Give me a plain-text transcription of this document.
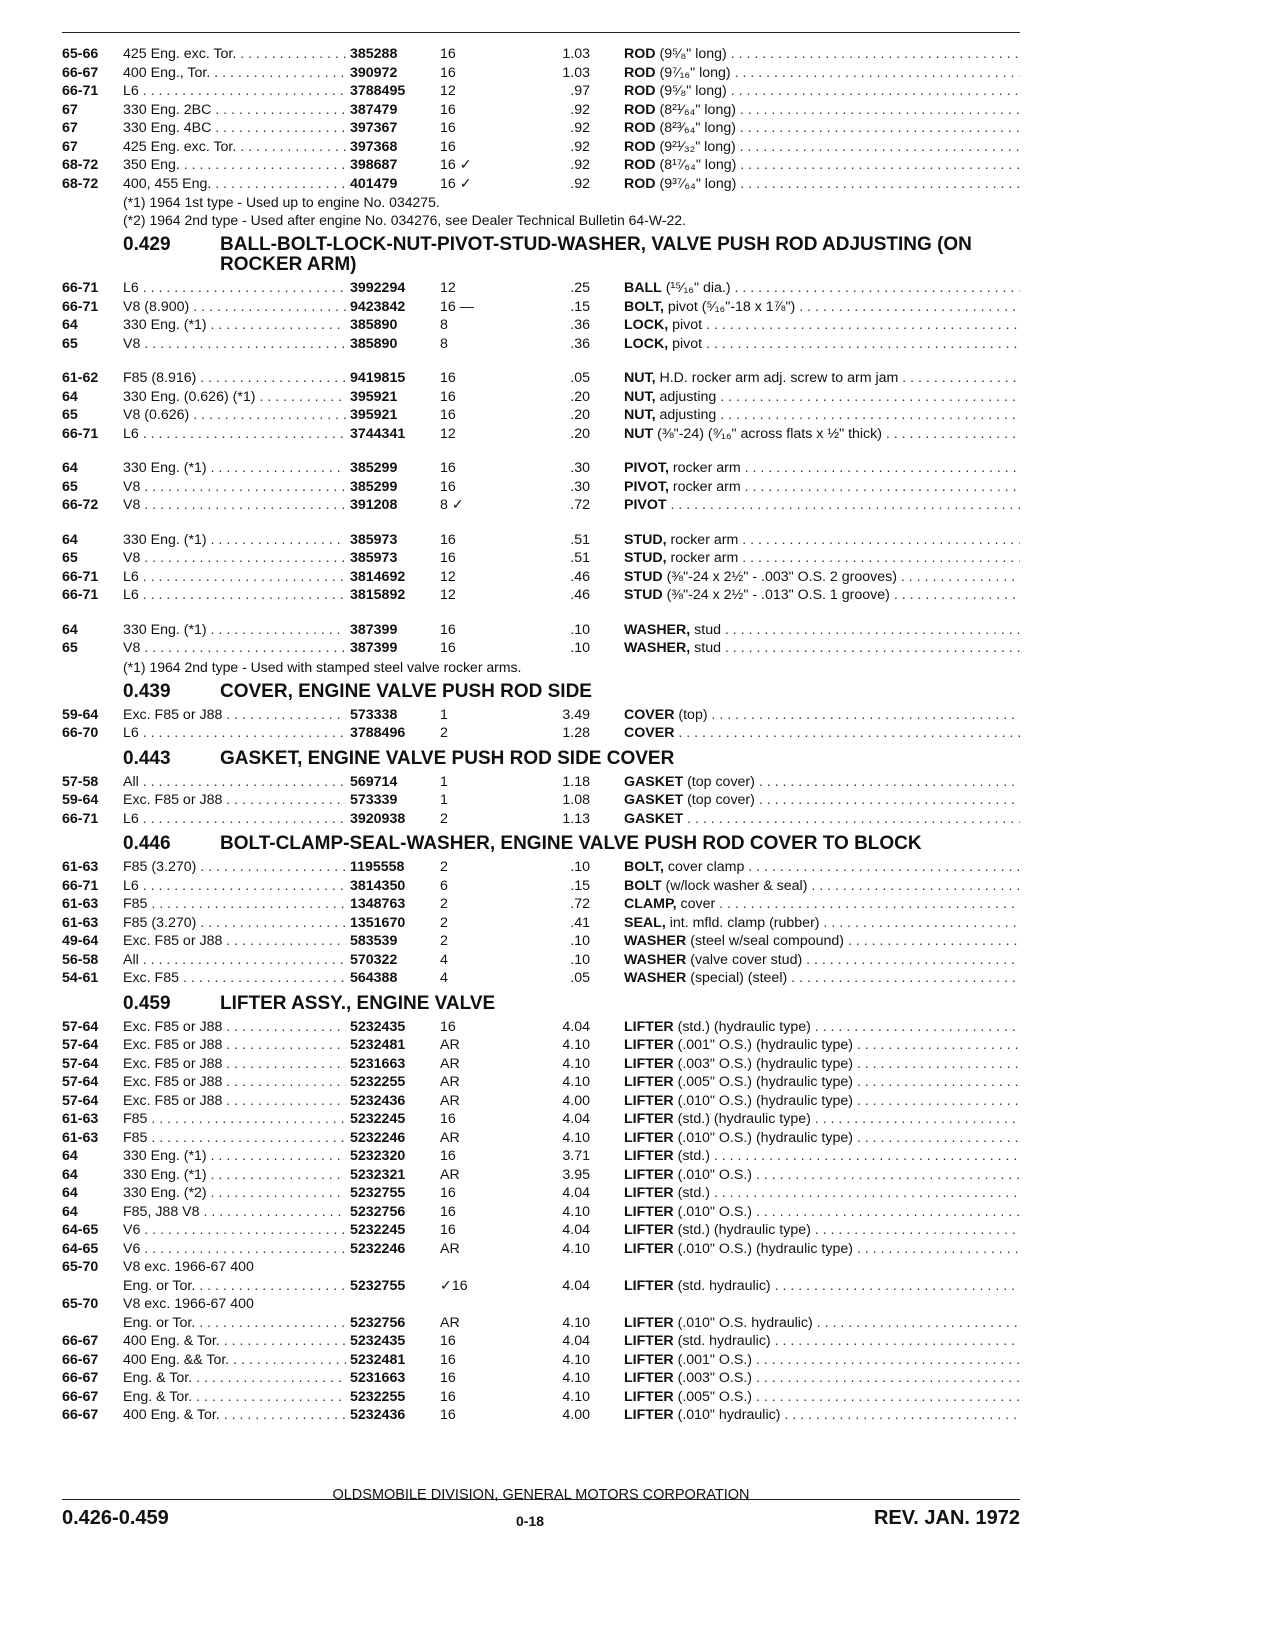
65-66	425 Eng. exc. Tor. . . .	385288	16	1.03 ROD (9⁵⁄₈" long) . . .
66-67	400 Eng., Tor. . . .	390972	16	1.03 ROD (9⁷⁄₁₆" long) . . .
66-71	L6 . . .	3788495	12	.97 ROD (9⁵⁄₈" long) . . .
67	330 Eng. 2BC . . .	387479	16	.92 ROD (8²¹⁄₆₄" long) . . .
67	330 Eng. 4BC . . .	397367	16	.92 ROD (8²³⁄₆₄" long) . . .
67	425 Eng. exc. Tor. . . .	397368	16	.92 ROD (9²¹⁄₃₂" long) . . .
68-72	350 Eng. . . .	398687	16 ✓	.92 ROD (8¹⁷⁄₆₄" long) . . .
68-72	400, 455 Eng. . . .	401479	16 ✓	.92 ROD (9³⁷⁄₆₄" long) . . .
(*1) 1964 1st type - Used up to engine No. 034275.
(*2) 1964 2nd type - Used after engine No. 034276, see Dealer Technical Bulletin 64-W-22.
0.429	BALL-BOLT-LOCK-NUT-PIVOT-STUD-WASHER, VALVE PUSH ROD ADJUSTING (ON ROCKER ARM)
66-71	L6 . . .	3992294	12	.25 BALL (¹⁵⁄₁₆" dia.) . . .
66-71	V8 (8.900) . . .	9423842	16 —	.15 BOLT, pivot (⁵⁄₁₆"-18 x 1⅞") . . .
64	330 Eng. (*1) . . .	385890	8	.36 LOCK, pivot . . .
65	V8 . . .	385890	8	.36 LOCK, pivot . . .
61-62	F85 (8.916) . . .	9419815	16	.05 NUT, H.D. rocker arm adj. screw to arm jam . . .
64	330 Eng. (0.626) (*1) . . .	395921	16	.20 NUT, adjusting . . .
65	V8 (0.626) . . .	395921	16	.20 NUT, adjusting . . .
66-71	L6 . . .	3744341	12	.20 NUT (⅜"-24) (⁹⁄₁₆" across flats x ½" thick) . . .
64	330 Eng. (*1) . . .	385299	16	.30 PIVOT, rocker arm . . .
65	V8 . . .	385299	16	.30 PIVOT, rocker arm . . .
66-72	V8 . . .	391208	8 ✓	.72 PIVOT . . .
64	330 Eng. (*1) . . .	385973	16	.51 STUD, rocker arm . . .
65	V8 . . .	385973	16	.51 STUD, rocker arm . . .
66-71	L6 . . .	3814692	12	.46 STUD (⅜"-24 x 2½" - .003" O.S. 2 grooves) . . .
66-71	L6 . . .	3815892	12	.46 STUD (⅜"-24 x 2½" - .013" O.S. 1 groove) . . .
64	330 Eng. (*1) . . .	387399	16	.10 WASHER, stud . . .
65	V8 . . .	387399	16	.10 WASHER, stud . . .
(*1) 1964 2nd type - Used with stamped steel valve rocker arms.
0.439	COVER, ENGINE VALVE PUSH ROD SIDE
59-64	Exc. F85 or J88 . . .	573338	1	3.49 COVER (top) . . .
66-70	L6 . . .	3788496	2	1.28 COVER . . .
0.443	GASKET, ENGINE VALVE PUSH ROD SIDE COVER
57-58	All . . .	569714	1	1.18 GASKET (top cover) . . .
59-64	Exc. F85 or J88 . . .	573339	1	1.08 GASKET (top cover) . . .
66-71	L6 . . .	3920938	2	1.13 GASKET . . .
0.446	BOLT-CLAMP-SEAL-WASHER, ENGINE VALVE PUSH ROD COVER TO BLOCK
61-63	F85 (3.270) . . .	1195558	2	.10 BOLT, cover clamp . . .
66-71	L6 . . .	3814350	6	.15 BOLT (w/lock washer & seal) . . .
61-63	F85 . . .	1348763	2	.72 CLAMP, cover . . .
61-63	F85 (3.270) . . .	1351670	2	.41 SEAL, int. mfld. clamp (rubber) . . .
49-64	Exc. F85 or J88 . . .	583539	2	.10 WASHER (steel w/seal compound) . . .
56-58	All . . .	570322	4	.10 WASHER (valve cover stud) . . .
54-61	Exc. F85 . . .	564388	4	.05 WASHER (special) (steel) . . .
0.459	LIFTER ASSY., ENGINE VALVE
57-64	Exc. F85 or J88 . . .	5232435	16	4.04 LIFTER (std.) (hydraulic type) . . .
57-64	Exc. F85 or J88 . . .	5232481	AR	4.10 LIFTER (.001" O.S.) (hydraulic type) . . .
57-64	Exc. F85 or J88 . . .	5231663	AR	4.10 LIFTER (.003" O.S.) (hydraulic type) . . .
57-64	Exc. F85 or J88 . . .	5232255	AR	4.10 LIFTER (.005" O.S.) (hydraulic type) . . .
57-64	Exc. F85 or J88 . . .	5232436	AR	4.00 LIFTER (.010" O.S.) (hydraulic type) . . .
61-63	F85 . . .	5232245	16	4.04 LIFTER (std.) (hydraulic type) . . .
61-63	F85 . . .	5232246	AR	4.10 LIFTER (.010" O.S.) (hydraulic type) . . .
64	330 Eng. (*1) . . .	5232320	16	3.71 LIFTER (std.) . . .
64	330 Eng. (*1) . . .	5232321	AR	3.95 LIFTER (.010" O.S.) . . .
64	330 Eng. (*2) . . .	5232755	16	4.04 LIFTER (std.) . . .
64	F85, J88 V8 . . .	5232756	16	4.10 LIFTER (.010" O.S.) . . .
64-65	V6 . . .	5232245	16	4.04 LIFTER (std.) (hydraulic type) . . .
64-65	V6 . . .	5232246	AR	4.10 LIFTER (.010" O.S.) (hydraulic type) . . .
65-70	V8 exc. 1966-67 400
Eng. or Tor. . . .	5232755	✓16	4.04 LIFTER (std. hydraulic) . . .
65-70	V8 exc. 1966-67 400
Eng. or Tor. . . .	5232756	AR	4.10 LIFTER (.010" O.S. hydraulic) . . .
66-67	400 Eng. & Tor. . . .	5232435	16	4.04 LIFTER (std. hydraulic) . . .
66-67	400 Eng. && Tor. . . .	5232481	16	4.10 LIFTER (.001" O.S.) . . .
66-67	Eng. & Tor. . . .	5231663	16	4.10 LIFTER (.003" O.S.) . . .
66-67	Eng. & Tor. . . .	5232255	16	4.10 LIFTER (.005" O.S.) . . .
66-67	400 Eng. & Tor. . . .	5232436	16	4.00 LIFTER (.010" hydraulic) . . .
OLDSMOBILE DIVISION, GENERAL MOTORS CORPORATION
0.426-0.459	0-18	REV. JAN. 1972
